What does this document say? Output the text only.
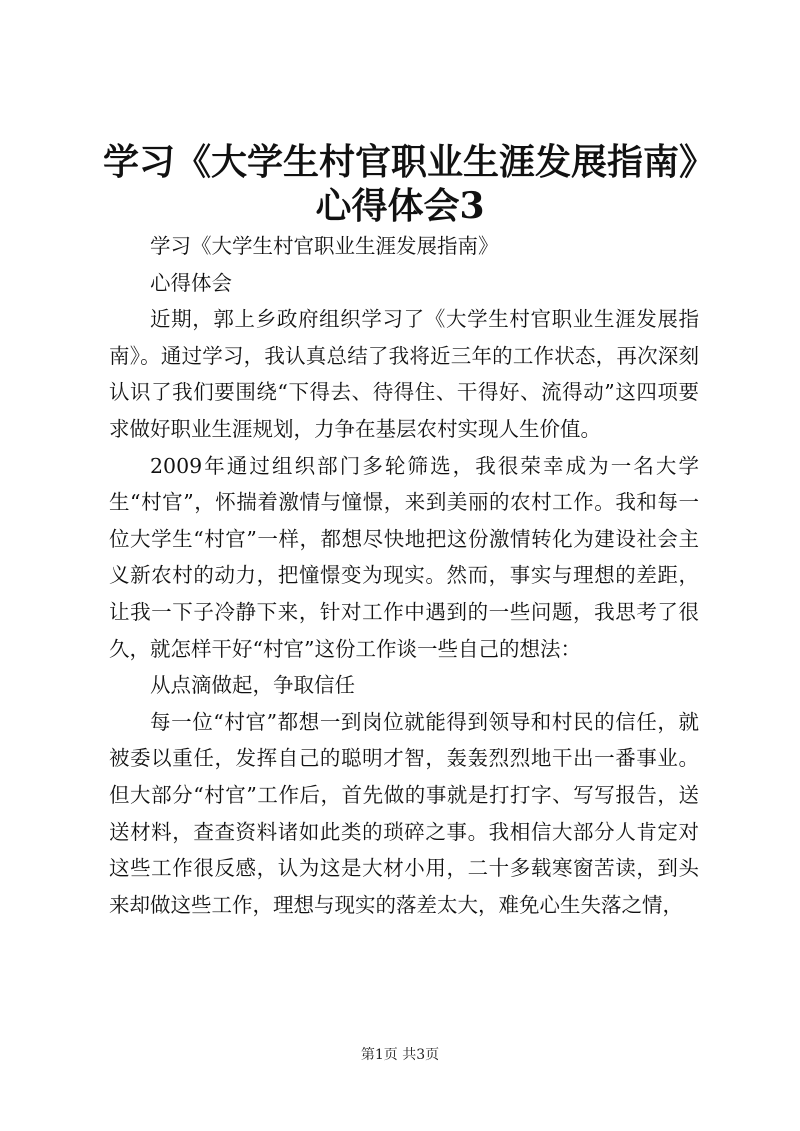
学习《大学生村官职业生涯发展指南》心得体会3

学习《大学生村官职业生涯发展指南》

心得体会

近期，郭上乡政府组织学习了《大学生村官职业生涯发展指南》。通过学习，我认真总结了我将近三年的工作状态，再次深刻认识了我们要围绕“下得去、待得住、干得好、流得动”这四项要求做好职业生涯规划，力争在基层农村实现人生价值。

2009年通过组织部门多轮筛选，我很荣幸成为一名大学生“村官”，怀揣着激情与憧憬，来到美丽的农村工作。我和每一位大学生“村官”一样，都想尽快地把这份激情转化为建设社会主义新农村的动力，把憧憬变为现实。然而，事实与理想的差距，让我一下子冷静下来，针对工作中遇到的一些问题，我思考了很久，就怎样干好“村官”这份工作谈一些自己的想法：

从点滴做起，争取信任

每一位“村官”都想一到岗位就能得到领导和村民的信任，就被委以重任，发挥自己的聪明才智，轰轰烈烈地干出一番事业。但大部分“村官”工作后，首先做的事就是打打字、写写报告，送送材料，查查资料诸如此类的琐碎之事。我相信大部分人肯定对这些工作很反感，认为这是大材小用，二十多载寒窗苦读，到头来却做这些工作，理想与现实的落差太大，难免心生失落之情，

第1页 共3页
